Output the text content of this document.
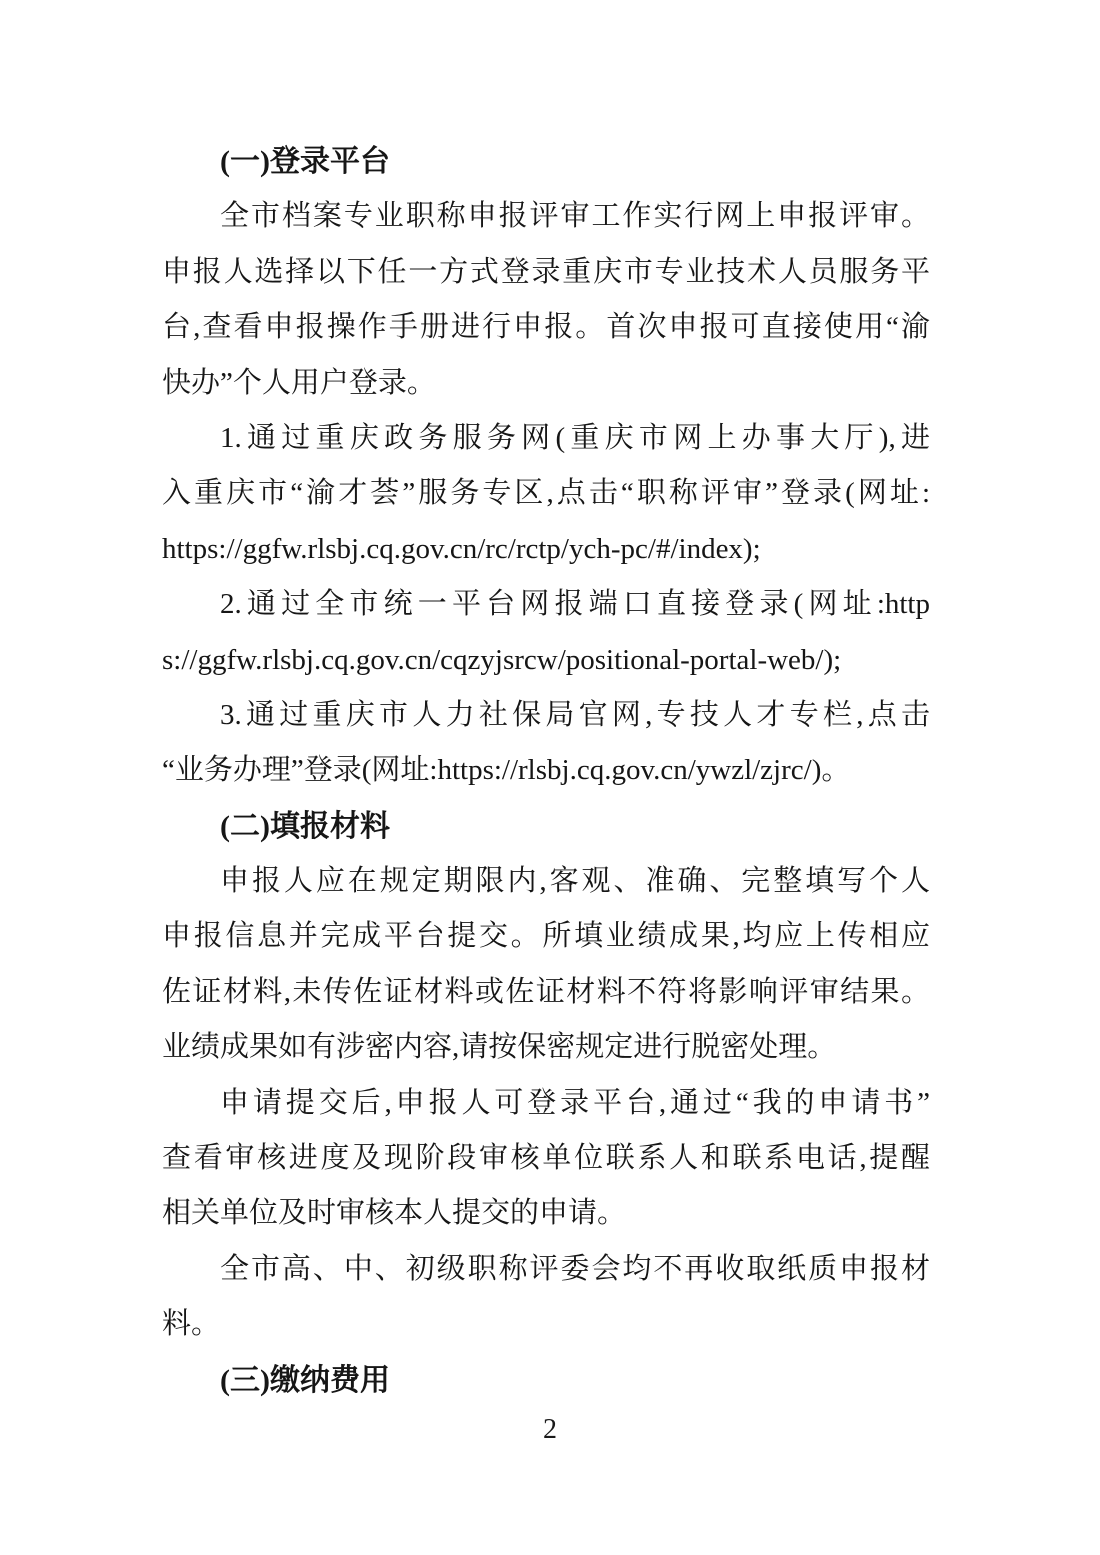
(一)登录平台
全市档案专业职称申报评审工作实行网上申报评审。
申报人选择以下任一方式登录重庆市专业技术人员服务平
台,查看申报操作手册进行申报。首次申报可直接使用“渝
快办”个人用户登录。
1.通过重庆政务服务网(重庆市网上办事大厅),进
入重庆市“渝才荟”服务专区,点击“职称评审”登录(网址:
https://ggfw.rlsbj.cq.gov.cn/rc/rctp/ych-pc/#/index);
2.通过全市统一平台网报端口直接登录(网址:http
s://ggfw.rlsbj.cq.gov.cn/cqzyjsrcw/positional-portal-web/);
3.通过重庆市人力社保局官网,专技人才专栏,点击
“业务办理”登录(网址:https://rlsbj.cq.gov.cn/ywzl/zjrc/)。
(二)填报材料
申报人应在规定期限内,客观、准确、完整填写个人
申报信息并完成平台提交。所填业绩成果,均应上传相应
佐证材料,未传佐证材料或佐证材料不符将影响评审结果。
业绩成果如有涉密内容,请按保密规定进行脱密处理。
申请提交后,申报人可登录平台,通过“我的申请书”
查看审核进度及现阶段审核单位联系人和联系电话,提醒
相关单位及时审核本人提交的申请。
全市高、中、初级职称评委会均不再收取纸质申报材
料。
(三)缴纳费用
2
